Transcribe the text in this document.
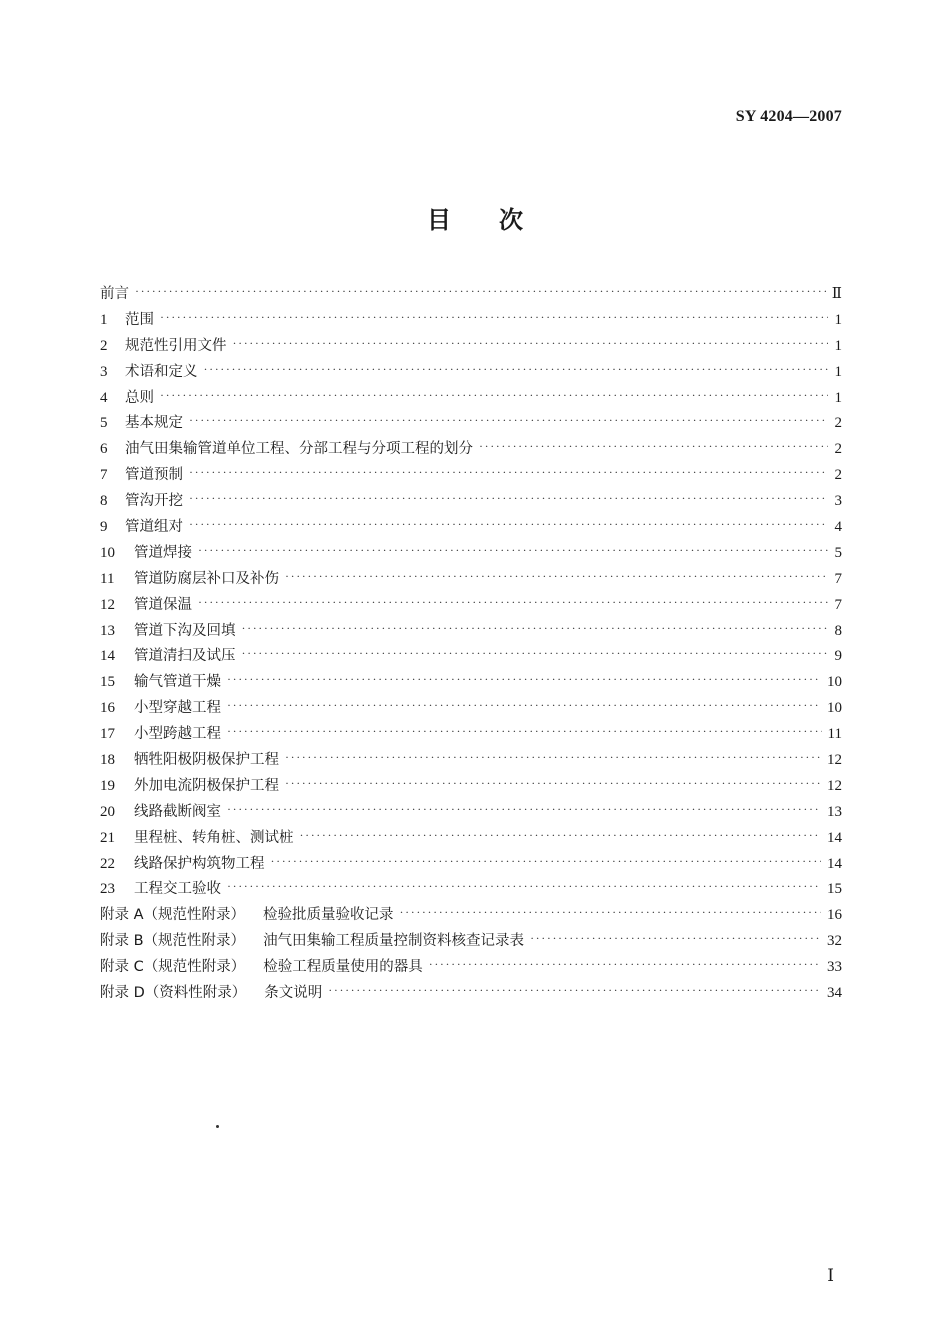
SY 4204—2007
目次
前言 ·····	Ⅱ
1	范围 ·····	1
2	规范性引用文件 ·····	1
3	术语和定义 ·····	1
4	总则 ·····	1
5	基本规定 ·····	2
6	油气田集输管道单位工程、分部工程与分项工程的划分 ·····	2
7	管道预制 ·····	2
8	管沟开挖 ·····	3
9	管道组对 ·····	4
10	管道焊接 ·····	5
11	管道防腐层补口及补伤 ·····	7
12	管道保温 ·····	7
13	管道下沟及回填 ·····	8
14	管道清扫及试压 ·····	9
15	输气管道干燥 ·····	10
16	小型穿越工程 ·····	10
17	小型跨越工程 ·····	11
18	牺牲阳极阴极保护工程 ·····	12
19	外加电流阴极保护工程 ·····	12
20	线路截断阀室 ·····	13
21	里程桩、转角桩、测试桩 ·····	14
22	线路保护构筑物工程 ·····	14
23	工程交工验收 ·····	15
附录 A（规范性附录） 检验批质量验收记录 ·····	16
附录 B（规范性附录） 油气田集输工程质量控制资料核查记录表 ·····	32
附录 C（规范性附录） 检验工程质量使用的器具 ·····	33
附录 D（资料性附录） 条文说明 ·····	34
Ⅰ
